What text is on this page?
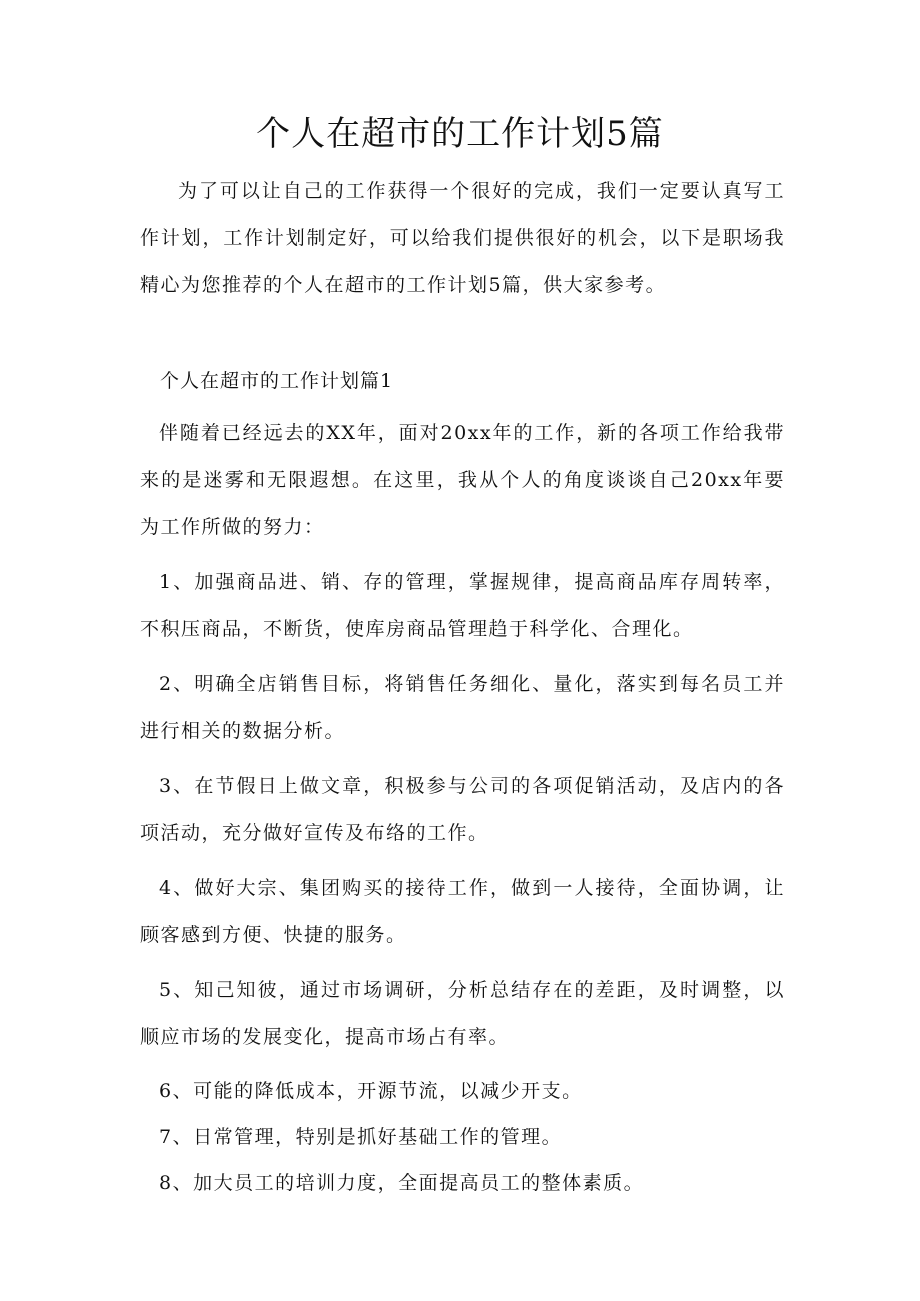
个人在超市的工作计划5篇

为了可以让自己的工作获得一个很好的完成，我们一定要认真写工作计划，工作计划制定好，可以给我们提供很好的机会，以下是职场我精心为您推荐的个人在超市的工作计划5篇，供大家参考。

个人在超市的工作计划篇1

伴随着已经远去的XX年，面对20xx年的工作，新的各项工作给我带来的是迷雾和无限遐想。在这里，我从个人的角度谈谈自己20xx年要为工作所做的努力：

1、加强商品进、销、存的管理，掌握规律，提高商品库存周转率，不积压商品，不断货，使库房商品管理趋于科学化、合理化。

2、明确全店销售目标，将销售任务细化、量化，落实到每名员工并进行相关的数据分析。

3、在节假日上做文章，积极参与公司的各项促销活动，及店内的各项活动，充分做好宣传及布络的工作。

4、做好大宗、集团购买的接待工作，做到一人接待，全面协调，让顾客感到方便、快捷的服务。

5、知己知彼，通过市场调研，分析总结存在的差距，及时调整，以顺应市场的发展变化，提高市场占有率。

6、可能的降低成本，开源节流，以减少开支。

7、日常管理，特别是抓好基础工作的管理。

8、加大员工的培训力度，全面提高员工的整体素质。
